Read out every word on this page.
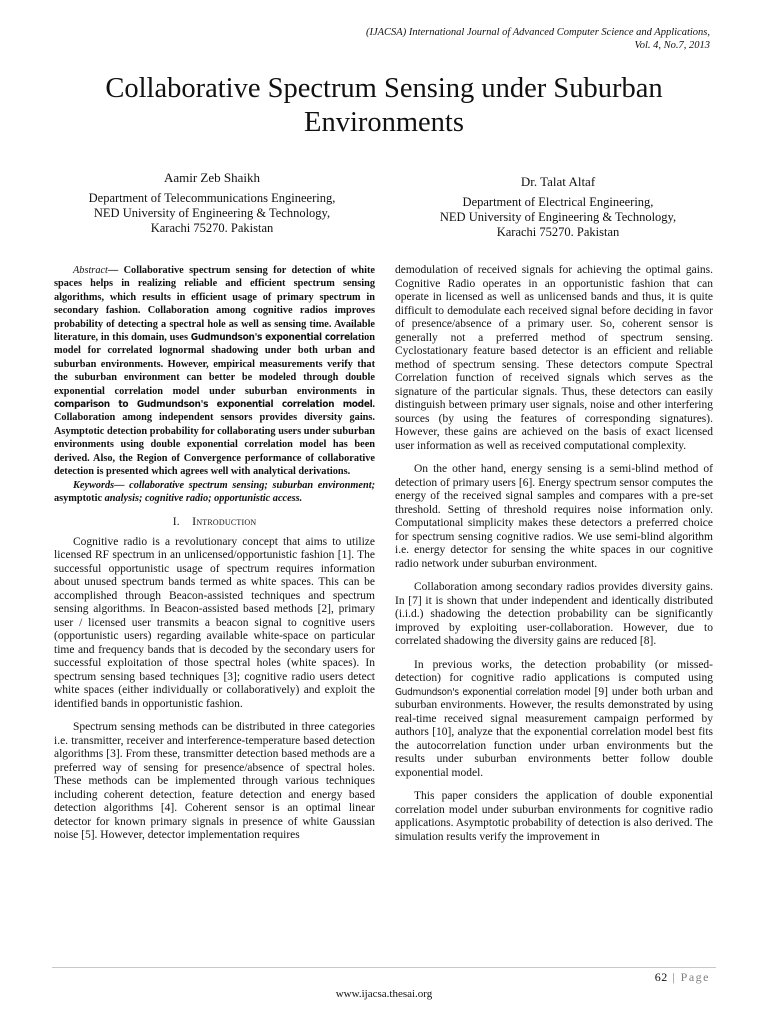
(IJACSA) International Journal of Advanced Computer Science and Applications,
Vol. 4, No.7, 2013
Collaborative Spectrum Sensing under Suburban
Environments
Aamir Zeb Shaikh
Department of Telecommunications Engineering,
NED University of Engineering & Technology,
Karachi 75270. Pakistan
Dr. Talat Altaf
Department of Electrical Engineering,
NED University of Engineering & Technology,
Karachi 75270. Pakistan

Abstract— Collaborative spectrum sensing for detection of white spaces helps in realizing reliable and efficient spectrum sensing algorithms, which results in efficient usage of primary spectrum in secondary fashion. Collaboration among cognitive radios improves probability of detecting a spectral hole as well as sensing time. Available literature, in this domain, uses Gudmundson's exponential correlation model for correlated lognormal shadowing under both urban and suburban environments. However, empirical measurements verify that the suburban environment can better be modeled through double exponential correlation model under suburban environments in comparison to Gudmundson's exponential correlation model. Collaboration among independent sensors provides diversity gains. Asymptotic detection probability for collaborating users under suburban environments using double exponential correlation model has been derived. Also, the Region of Convergence performance of collaborative detection is presented which agrees well with analytical derivations.

Keywords— collaborative spectrum sensing; suburban environment; asymptotic analysis; cognitive radio; opportunistic access.

I. Introduction

Cognitive radio is a revolutionary concept that aims to utilize licensed RF spectrum in an unlicensed/opportunistic fashion [1]. The successful opportunistic usage of spectrum requires information about unused spectrum bands termed as white spaces. This can be accomplished through Beacon-assisted techniques and spectrum sensing algorithms. In Beacon-assisted based methods [2], primary user / licensed user transmits a beacon signal to cognitive users (opportunistic users) regarding available white-space on particular time and frequency bands that is decoded by the secondary users for successful exploitation of those spectral holes (white spaces). In spectrum sensing based techniques [3]; cognitive radio users detect white spaces (either individually or collaboratively) and exploit the identified bands in opportunistic fashion.

Spectrum sensing methods can be distributed in three categories i.e. transmitter, receiver and interference-temperature based detection algorithms [3]. From these, transmitter detection based methods are a preferred way of sensing for presence/absence of spectral holes. These methods can be implemented through various techniques including coherent detection, feature detection and energy based detection algorithms [4]. Coherent sensor is an optimal linear detector for known primary signals in presence of white Gaussian noise [5]. However, detector implementation requires

demodulation of received signals for achieving the optimal gains. Cognitive Radio operates in an opportunistic fashion that can operate in licensed as well as unlicensed bands and thus, it is quite difficult to demodulate each received signal before deciding in favor of presence/absence of a primary user. So, coherent sensor is generally not a preferred method of spectrum sensing. Cyclostationary feature based detector is an efficient and reliable method of spectrum sensing. These detectors compute Spectral Correlation function of received signals which serves as the signature of the particular signals. Thus, these detectors can easily distinguish between primary user signals, noise and other interfering sources (by using the features of corresponding signatures). However, these gains are achieved on the basis of exact licensed user information as well as received computational complexity.

On the other hand, energy sensing is a semi-blind method of detection of primary users [6]. Energy spectrum sensor computes the energy of the received signal samples and compares with a pre-set threshold. Setting of threshold requires noise information only. Computational simplicity makes these detectors a preferred choice for spectrum sensing cognitive radios. We use semi-blind algorithm i.e. energy detector for sensing the white spaces in our cognitive radio network under suburban environment.

Collaboration among secondary radios provides diversity gains. In [7] it is shown that under independent and identically distributed (i.i.d.) shadowing the detection probability can be significantly improved by exploiting user-collaboration. However, due to correlated shadowing the diversity gains are reduced [8].

In previous works, the detection probability (or missed-detection) for cognitive radio applications is computed using Gudmundson's exponential correlation model [9] under both urban and suburban environments. However, the results demonstrated by using real-time received signal measurement campaign performed by authors [10], analyze that the exponential correlation model best fits the autocorrelation function under urban environments but the results under suburban environments better follow double exponential model.

This paper considers the application of double exponential correlation model under suburban environments for cognitive radio applications. Asymptotic probability of detection is also derived. The simulation results verify the improvement in

62 | Page
www.ijacsa.thesai.org
